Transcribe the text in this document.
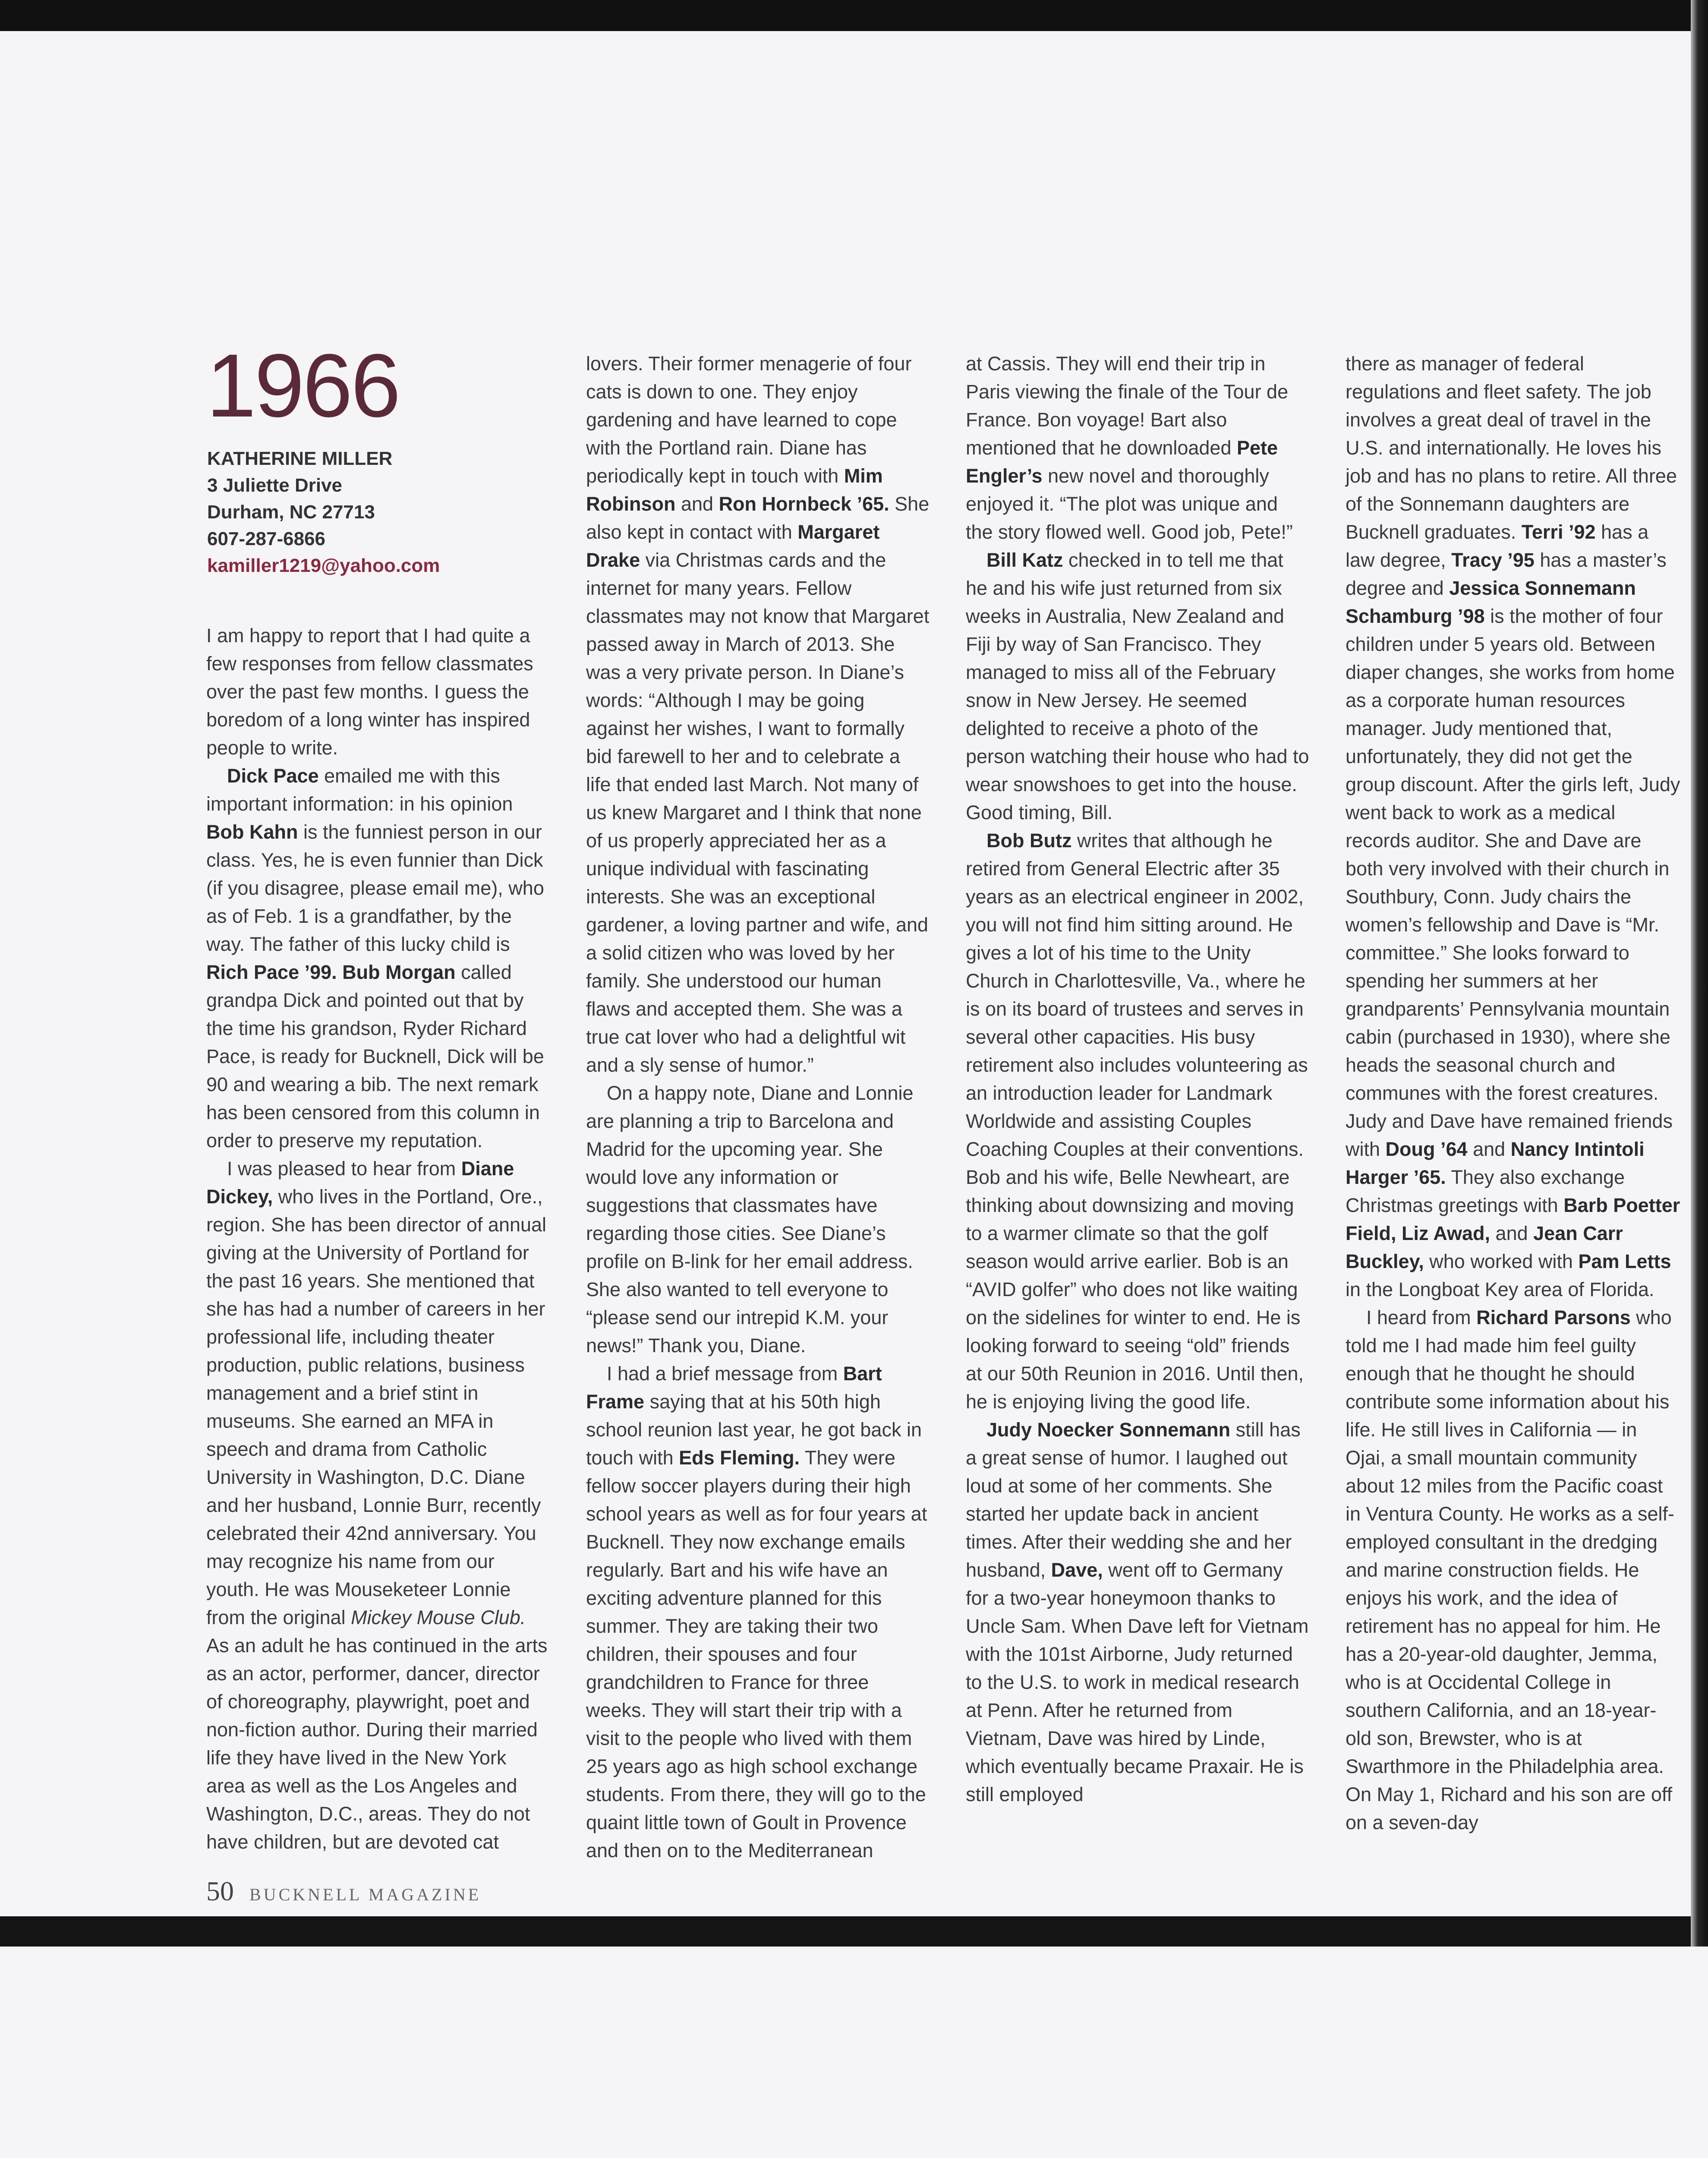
1966
KATHERINE MILLER
3 Juliette Drive
Durham, NC 27713
607-287-6866
kamiller1219@yahoo.com

I am happy to report that I had quite a few responses from fellow classmates over the past few months. I guess the boredom of a long winter has inspired people to write.

Dick Pace emailed me with this important information: in his opinion Bob Kahn is the funniest person in our class. Yes, he is even funnier than Dick (if you disagree, please email me), who as of Feb. 1 is a grandfather, by the way. The father of this lucky child is Rich Pace ’99. Bub Morgan called grandpa Dick and pointed out that by the time his grandson, Ryder Richard Pace, is ready for Bucknell, Dick will be 90 and wearing a bib. The next remark has been censored from this column in order to preserve my reputation.

I was pleased to hear from Diane Dickey, who lives in the Portland, Ore., region. She has been director of annual giving at the University of Portland for the past 16 years. She mentioned that she has had a number of careers in her professional life, including theater production, public relations, business management and a brief stint in museums. She earned an MFA in speech and drama from Catholic University in Washington, D.C. Diane and her husband, Lonnie Burr, recently celebrated their 42nd anniversary. You may recognize his name from our youth. He was Mouseketeer Lonnie from the original Mickey Mouse Club. As an adult he has continued in the arts as an actor, performer, dancer, director of choreography, playwright, poet and non-fiction author. During their married life they have lived in the New York area as well as the Los Angeles and Washington, D.C., areas. They do not have children, but are devoted cat

lovers. Their former menagerie of four cats is down to one. They enjoy gardening and have learned to cope with the Portland rain. Diane has periodically kept in touch with Mim Robinson and Ron Hornbeck ’65. She also kept in contact with Margaret Drake via Christmas cards and the internet for many years. Fellow classmates may not know that Margaret passed away in March of 2013. She was a very private person. In Diane’s words: “Although I may be going against her wishes, I want to formally bid farewell to her and to celebrate a life that ended last March. Not many of us knew Margaret and I think that none of us properly appreciated her as a unique individual with fascinating interests. She was an exceptional gardener, a loving partner and wife, and a solid citizen who was loved by her family. She understood our human flaws and accepted them. She was a true cat lover who had a delightful wit and a sly sense of humor.”

On a happy note, Diane and Lonnie are planning a trip to Barcelona and Madrid for the upcoming year. She would love any information or suggestions that classmates have regarding those cities. See Diane’s profile on B-link for her email address. She also wanted to tell everyone to “please send our intrepid K.M. your news!” Thank you, Diane.

I had a brief message from Bart Frame saying that at his 50th high school reunion last year, he got back in touch with Eds Fleming. They were fellow soccer players during their high school years as well as for four years at Bucknell. They now exchange emails regularly. Bart and his wife have an exciting adventure planned for this summer. They are taking their two children, their spouses and four grandchildren to France for three weeks. They will start their trip with a visit to the people who lived with them 25 years ago as high school exchange students. From there, they will go to the quaint little town of Goult in Provence and then on to the Mediterranean

at Cassis. They will end their trip in Paris viewing the finale of the Tour de France. Bon voyage! Bart also mentioned that he downloaded Pete Engler’s new novel and thoroughly enjoyed it. “The plot was unique and the story flowed well. Good job, Pete!”

Bill Katz checked in to tell me that he and his wife just returned from six weeks in Australia, New Zealand and Fiji by way of San Francisco. They managed to miss all of the February snow in New Jersey. He seemed delighted to receive a photo of the person watching their house who had to wear snowshoes to get into the house. Good timing, Bill.

Bob Butz writes that although he retired from General Electric after 35 years as an electrical engineer in 2002, you will not find him sitting around. He gives a lot of his time to the Unity Church in Charlottesville, Va., where he is on its board of trustees and serves in several other capacities. His busy retirement also includes volunteering as an introduction leader for Landmark Worldwide and assisting Couples Coaching Couples at their conventions. Bob and his wife, Belle Newheart, are thinking about downsizing and moving to a warmer climate so that the golf season would arrive earlier. Bob is an “AVID golfer” who does not like waiting on the sidelines for winter to end. He is looking forward to seeing “old” friends at our 50th Reunion in 2016. Until then, he is enjoying living the good life.

Judy Noecker Sonnemann still has a great sense of humor. I laughed out loud at some of her comments. She started her update back in ancient times. After their wedding she and her husband, Dave, went off to Germany for a two-year honeymoon thanks to Uncle Sam. When Dave left for Vietnam with the 101st Airborne, Judy returned to the U.S. to work in medical research at Penn. After he returned from Vietnam, Dave was hired by Linde, which eventually became Praxair. He is still employed

there as manager of federal regulations and fleet safety. The job involves a great deal of travel in the U.S. and internationally. He loves his job and has no plans to retire. All three of the Sonnemann daughters are Bucknell graduates. Terri ’92 has a law degree, Tracy ’95 has a master’s degree and Jessica Sonnemann Schamburg ’98 is the mother of four children under 5 years old. Between diaper changes, she works from home as a corporate human resources manager. Judy mentioned that, unfortunately, they did not get the group discount. After the girls left, Judy went back to work as a medical records auditor. She and Dave are both very involved with their church in Southbury, Conn. Judy chairs the women’s fellowship and Dave is “Mr. committee.” She looks forward to spending her summers at her grandparents’ Pennsylvania mountain cabin (purchased in 1930), where she heads the seasonal church and communes with the forest creatures. Judy and Dave have remained friends with Doug ’64 and Nancy Intintoli Harger ’65. They also exchange Christmas greetings with Barb Poetter Field, Liz Awad, and Jean Carr Buckley, who worked with Pam Letts in the Longboat Key area of Florida.

I heard from Richard Parsons who told me I had made him feel guilty enough that he thought he should contribute some information about his life. He still lives in California — in Ojai, a small mountain community about 12 miles from the Pacific coast in Ventura County. He works as a self-employed consultant in the dredging and marine construction fields. He enjoys his work, and the idea of retirement has no appeal for him. He has a 20-year-old daughter, Jemma, who is at Occidental College in southern California, and an 18-year-old son, Brewster, who is at Swarthmore in the Philadelphia area. On May 1, Richard and his son are off on a seven-day

50 BUCKNELL MAGAZINE
